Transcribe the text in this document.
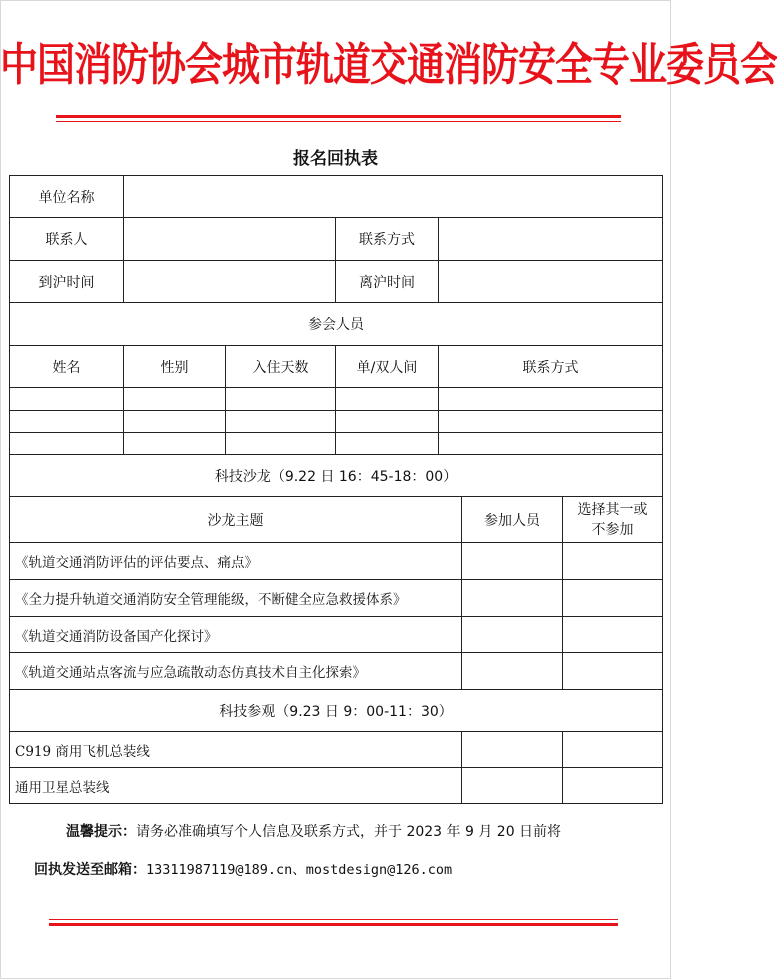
中国消防协会城市轨道交通消防安全专业委员会
报名回执表
单位名称						
联系人			联系方式			
到沪时间			离沪时间			
参会人员						
姓名	性别	入住天数	单/双人间	联系方式		

科技沙龙（9.22 日 16：45-18：00）						
沙龙主题					参加人员	选择其一或不参加
《轨道交通消防评估的评估要点、痛点》						
《全力提升轨道交通消防安全管理能级，不断健全应急救援体系》						
《轨道交通消防设备国产化探讨》						
《轨道交通站点客流与应急疏散动态仿真技术自主化探索》						
科技参观（9.23 日 9：00-11：30）						
C919 商用飞机总装线						
通用卫星总装线						
温馨提示：请务必准确填写个人信息及联系方式，并于 2023 年 9 月 20 日前将
回执发送至邮箱：13311987119@189.cn、mostdesign@126.com
